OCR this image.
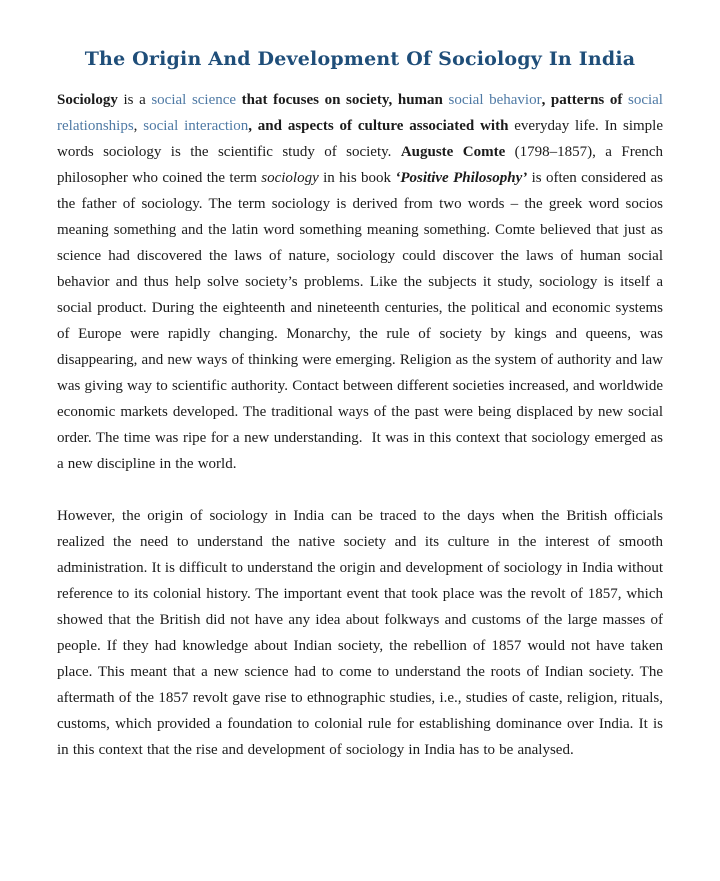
The Origin And Development Of Sociology In India

Sociology is a social science that focuses on society, human social behavior, patterns of social relationships, social interaction, and aspects of culture associated with everyday life. In simple words sociology is the scientific study of society. Auguste Comte (1798–1857), a French philosopher who coined the term sociology in his book ‘Positive Philosophy’ is often considered as the father of sociology. The term sociology is derived from two words – the greek word socios meaning something and the latin word something meaning something. Comte believed that just as science had discovered the laws of nature, sociology could discover the laws of human social behavior and thus help solve society’s problems. Like the subjects it study, sociology is itself a social product. During the eighteenth and nineteenth centuries, the political and economic systems of Europe were rapidly changing. Monarchy, the rule of society by kings and queens, was disappearing, and new ways of thinking were emerging. Religion as the system of authority and law was giving way to scientific authority. Contact between different societies increased, and worldwide economic markets developed. The traditional ways of the past were being displaced by new social order. The time was ripe for a new understanding.  It was in this context that sociology emerged as a new discipline in the world.

However, the origin of sociology in India can be traced to the days when the British officials realized the need to understand the native society and its culture in the interest of smooth administration. It is difficult to understand the origin and development of sociology in India without reference to its colonial history. The important event that took place was the revolt of 1857, which showed that the British did not have any idea about folkways and customs of the large masses of people. If they had knowledge about Indian society, the rebellion of 1857 would not have taken place. This meant that a new science had to come to understand the roots of Indian society. The aftermath of the 1857 revolt gave rise to ethnographic studies, i.e., studies of caste, religion, rituals, customs, which provided a foundation to colonial rule for establishing dominance over India. It is in this context that the rise and development of sociology in India has to be analysed.
